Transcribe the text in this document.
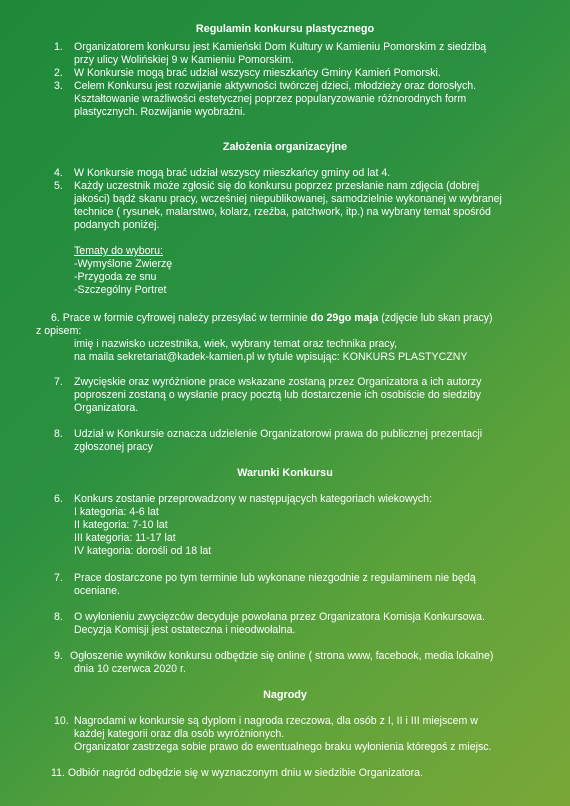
Regulamin konkursu plastycznego
1. Organizatorem konkursu jest Kamieński Dom Kultury w Kamieniu Pomorskim z siedzibą
przy ulicy Wolińskiej 9 w Kamieniu Pomorskim.
2. W Konkursie mogą brać udział wszyscy mieszkańcy Gminy Kamień Pomorski.
3. Celem Konkursu jest rozwijanie aktywności twórczej dzieci, młodzieży oraz dorosłych.
Kształtowanie wrażliwości estetycznej poprzez popularyzowanie różnorodnych form
plastycznych. Rozwijanie wyobraźni.
Założenia organizacyjne
4. W Konkursie mogą brać udział wszyscy mieszkańcy gminy od lat 4.
5. Każdy uczestnik może zgłosić się do konkursu poprzez przesłanie nam zdjęcia (dobrej
jakości) bądź skanu pracy, wcześniej niepublikowanej, samodzielnie wykonanej w wybranej
technice ( rysunek, malarstwo, kolarz, rzeźba, patchwork, itp.) na wybrany temat spośród
podanych poniżej.
Tematy do wyboru:
-Wymyślone Zwierzę
-Przygoda ze snu
-Szczególny Portret
6. Prace w formie cyfrowej należy przesyłać w terminie do 29go maja (zdjęcie lub skan pracy)
z opisem:
imię i nazwisko uczestnika, wiek, wybrany temat oraz technika pracy,
na maila sekretariat@kadek-kamien.pl w tytule wpisując: KONKURS PLASTYCZNY
7. Zwycięskie oraz wyróżnione prace wskazane zostaną przez Organizatora a ich autorzy
poproszeni zostaną o wysłanie pracy pocztą lub dostarczenie ich osobiście do siedziby
Organizatora.
8. Udział w Konkursie oznacza udzielenie Organizatorowi prawa do publicznej prezentacji
zgłoszonej pracy
Warunki Konkursu
6. Konkurs zostanie przeprowadzony w następujących kategoriach wiekowych:
I kategoria: 4-6 lat
II kategoria: 7-10 lat
III kategoria: 11-17 lat
IV kategoria: dorośli od 18 lat
7. Prace dostarczone po tym terminie lub wykonane niezgodnie z regulaminem nie będą
oceniane.
8. O wyłonieniu zwycięzców decyduje powołana przez Organizatora Komisja Konkursowa.
Decyzja Komisji jest ostateczna i nieodwołalna.
9. Ogłoszenie wyników konkursu odbędzie się online ( strona www, facebook, media lokalne)
dnia 10 czerwca 2020 r.
Nagrody
10. Nagrodami w konkursie są dyplom i nagroda rzeczowa, dla osób z I, II i III miejscem w
każdej kategorii oraz dla osób wyróżnionych.
Organizator zastrzega sobie prawo do ewentualnego braku wyłonienia któregoś z miejsc.
11. Odbiór nagród odbędzie się w wyznaczonym dniu w siedzibie Organizatora.
